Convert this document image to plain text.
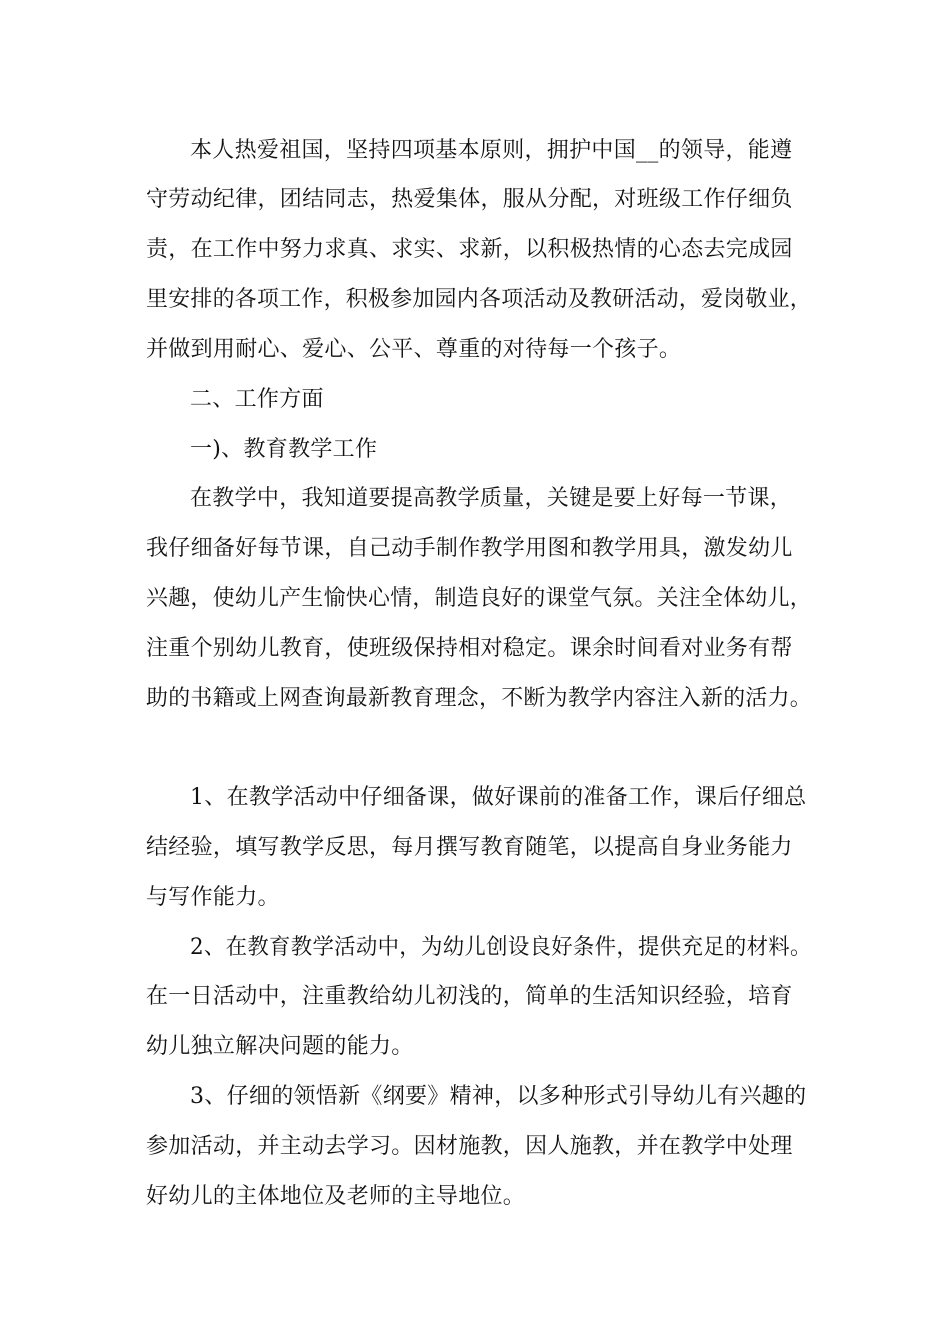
本人热爱祖国，坚持四项基本原则，拥护中国__的领导，能遵
守劳动纪律，团结同志，热爱集体，服从分配，对班级工作仔细负
责，在工作中努力求真、求实、求新，以积极热情的心态去完成园
里安排的各项工作，积极参加园内各项活动及教研活动，爱岗敬业，
并做到用耐心、爱心、公平、尊重的对待每一个孩子。
二、工作方面
一)、教育教学工作
在教学中，我知道要提高教学质量，关键是要上好每一节课，
我仔细备好每节课，自己动手制作教学用图和教学用具，激发幼儿
兴趣，使幼儿产生愉快心情，制造良好的课堂气氛。关注全体幼儿，
注重个别幼儿教育，使班级保持相对稳定。课余时间看对业务有帮
助的书籍或上网查询最新教育理念，不断为教学内容注入新的活力。
1、在教学活动中仔细备课，做好课前的准备工作，课后仔细总
结经验，填写教学反思，每月撰写教育随笔，以提高自身业务能力
与写作能力。
2、在教育教学活动中，为幼儿创设良好条件，提供充足的材料。
在一日活动中，注重教给幼儿初浅的，简单的生活知识经验，培育
幼儿独立解决问题的能力。
3、仔细的领悟新《纲要》精神，以多种形式引导幼儿有兴趣的
参加活动，并主动去学习。因材施教，因人施教，并在教学中处理
好幼儿的主体地位及老师的主导地位。
